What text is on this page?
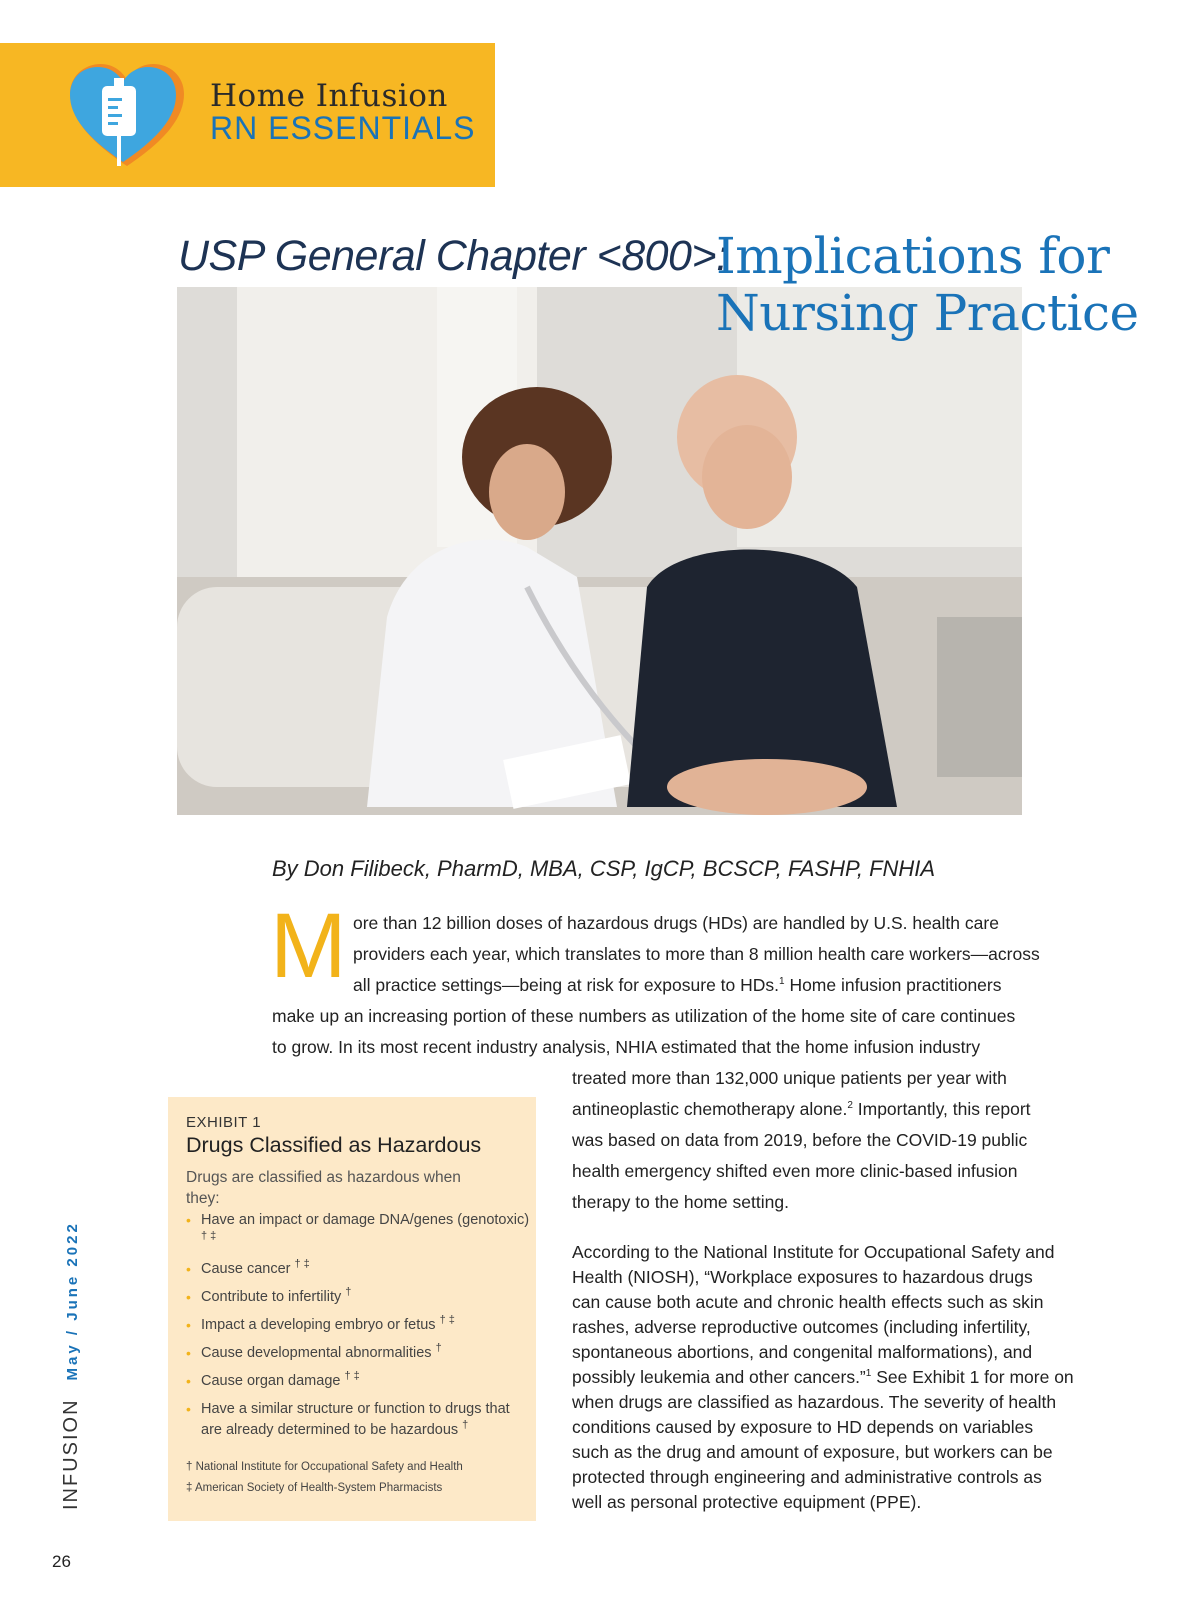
Home Infusion
RN ESSENTIALS
USP General Chapter <800>:
Implications for
Nursing Practice
By Don Filibeck, PharmD, MBA, CSP, IgCP, BCSCP, FASHP, FNHIA
M ore than 12 billion doses of hazardous drugs (HDs) are handled by U.S. health care
providers each year, which translates to more than 8 million health care workers—across
all practice settings—being at risk for exposure to HDs.$^1$ Home infusion practitioners
make up an increasing portion of these numbers as utilization of the home site of care continues
to grow. In its most recent industry analysis, NHIA estimated that the home infusion industry
treated more than 132,000 unique patients per year with
antineoplastic chemotherapy alone.$^2$ Importantly, this report
was based on data from 2019, before the COVID-19 public
health emergency shifted even more clinic-based infusion
therapy to the home setting.
According to the National Institute for Occupational Safety and
Health (NIOSH), “Workplace exposures to hazardous drugs
can cause both acute and chronic health effects such as skin
rashes, adverse reproductive outcomes (including infertility,
spontaneous abortions, and congenital malformations), and
possibly leukemia and other cancers.”$^1$ See Exhibit 1 for more on
when drugs are classified as hazardous. The severity of health
conditions caused by exposure to HD depends on variables
such as the drug and amount of exposure, but workers can be
protected through engineering and administrative controls as
well as personal protective equipment (PPE).
EXHIBIT 1
Drugs Classified as Hazardous
Drugs are classified as hazardous when they:
• Have an impact or damage DNA/genes (genotoxic) † ‡
• Cause cancer † ‡
• Contribute to infertility †
• Impact a developing embryo or fetus † ‡
• Cause developmental abnormalities †
• Cause organ damage † ‡
• Have a similar structure or function to drugs that are already determined to be hazardous †
† National Institute for Occupational Safety and Health
‡ American Society of Health-System Pharmacists
INFUSIONMay / June 2022
26
